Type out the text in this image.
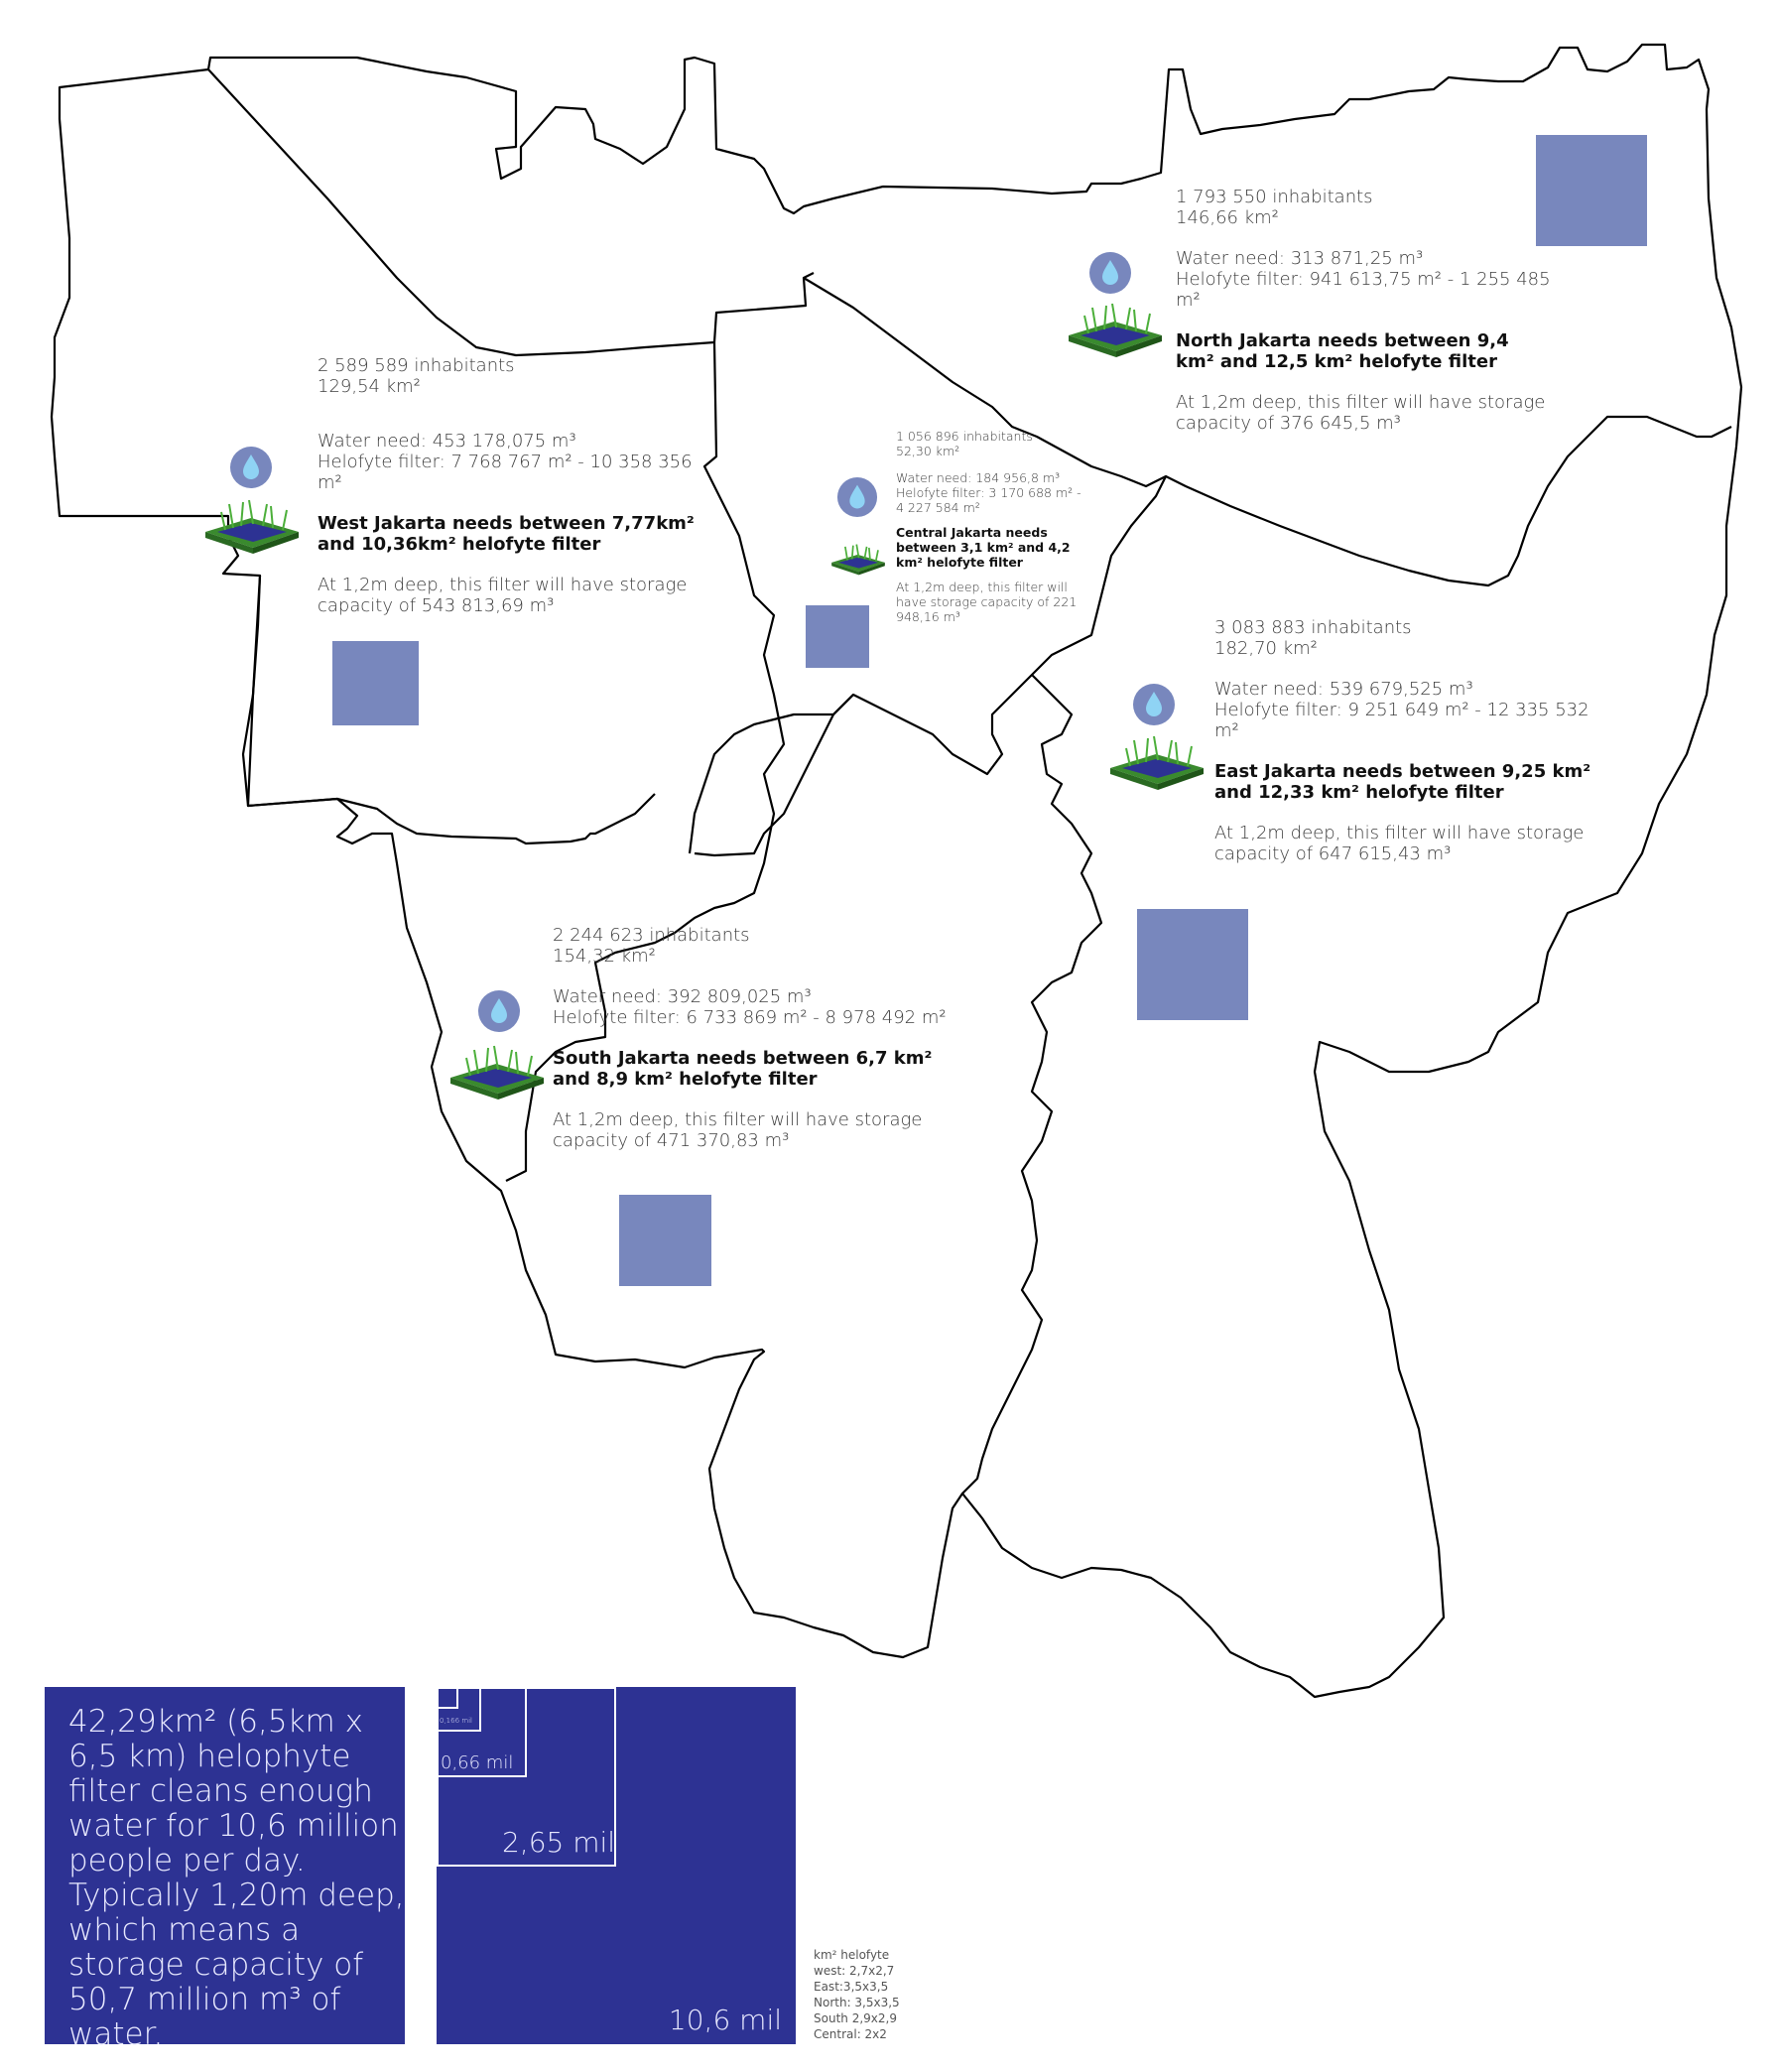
1 793 550 inhabitants

146,66 km²

Water need: 313 871,25 m³

Helofyte filter: 941 613,75 m² - 1 255 485 m²

North Jakarta needs between 9,4 km² and 12,5 km² helofyte filter

At 1,2m deep, this filter will have storage capacity of 376 645,5 m³

2 589 589 inhabitants

129,54 km²

Water need: 453 178,075 m³

Helofyte filter: 7 768 767 m² - 10 358 356 m²

West Jakarta needs between 7,77km² and 10,36km² helofyte filter

At 1,2m deep, this filter will have storage capacity of 543 813,69 m³

1 056 896 inhabitants

52,30 km²

Water need: 184 956,8 m³

Helofyte filter: 3 170 688 m² - 4 227 584 m²

Central Jakarta needs between 3,1 km² and 4,2 km² helofyte filter

At 1,2m deep, this filter will have storage capacity of 221 948,16 m³

3 083 883 inhabitants

182,70 km²

Water need: 539 679,525 m³

Helofyte filter: 9 251 649 m² - 12 335 532 m²

East Jakarta needs between 9,25 km² and 12,33 km² helofyte filter

At 1,2m deep, this filter will have storage capacity of 647 615,43 m³

2 244 623 inhabitants

154,32 km²

Water need: 392 809,025 m³

Helofyte filter: 6 733 869 m² - 8 978 492 m²

South Jakarta needs between 6,7 km² and 8,9 km² helofyte filter

At 1,2m deep, this filter will have storage capacity of 471 370,83 m³

42,29km² (6,5km x 6,5 km) helophyte filter cleans enough water for 10,6 million people per day. Typically 1,20m deep, which means a storage capacity of 50,7 million m³ of water.	10,6 mil
2,65 mil
0,66 mil
0,166 mil

km² helofyte

west: 2,7x2,7

East:3,5x3,5

North: 3,5x3,5

South 2,9x2,9

Central: 2x2
